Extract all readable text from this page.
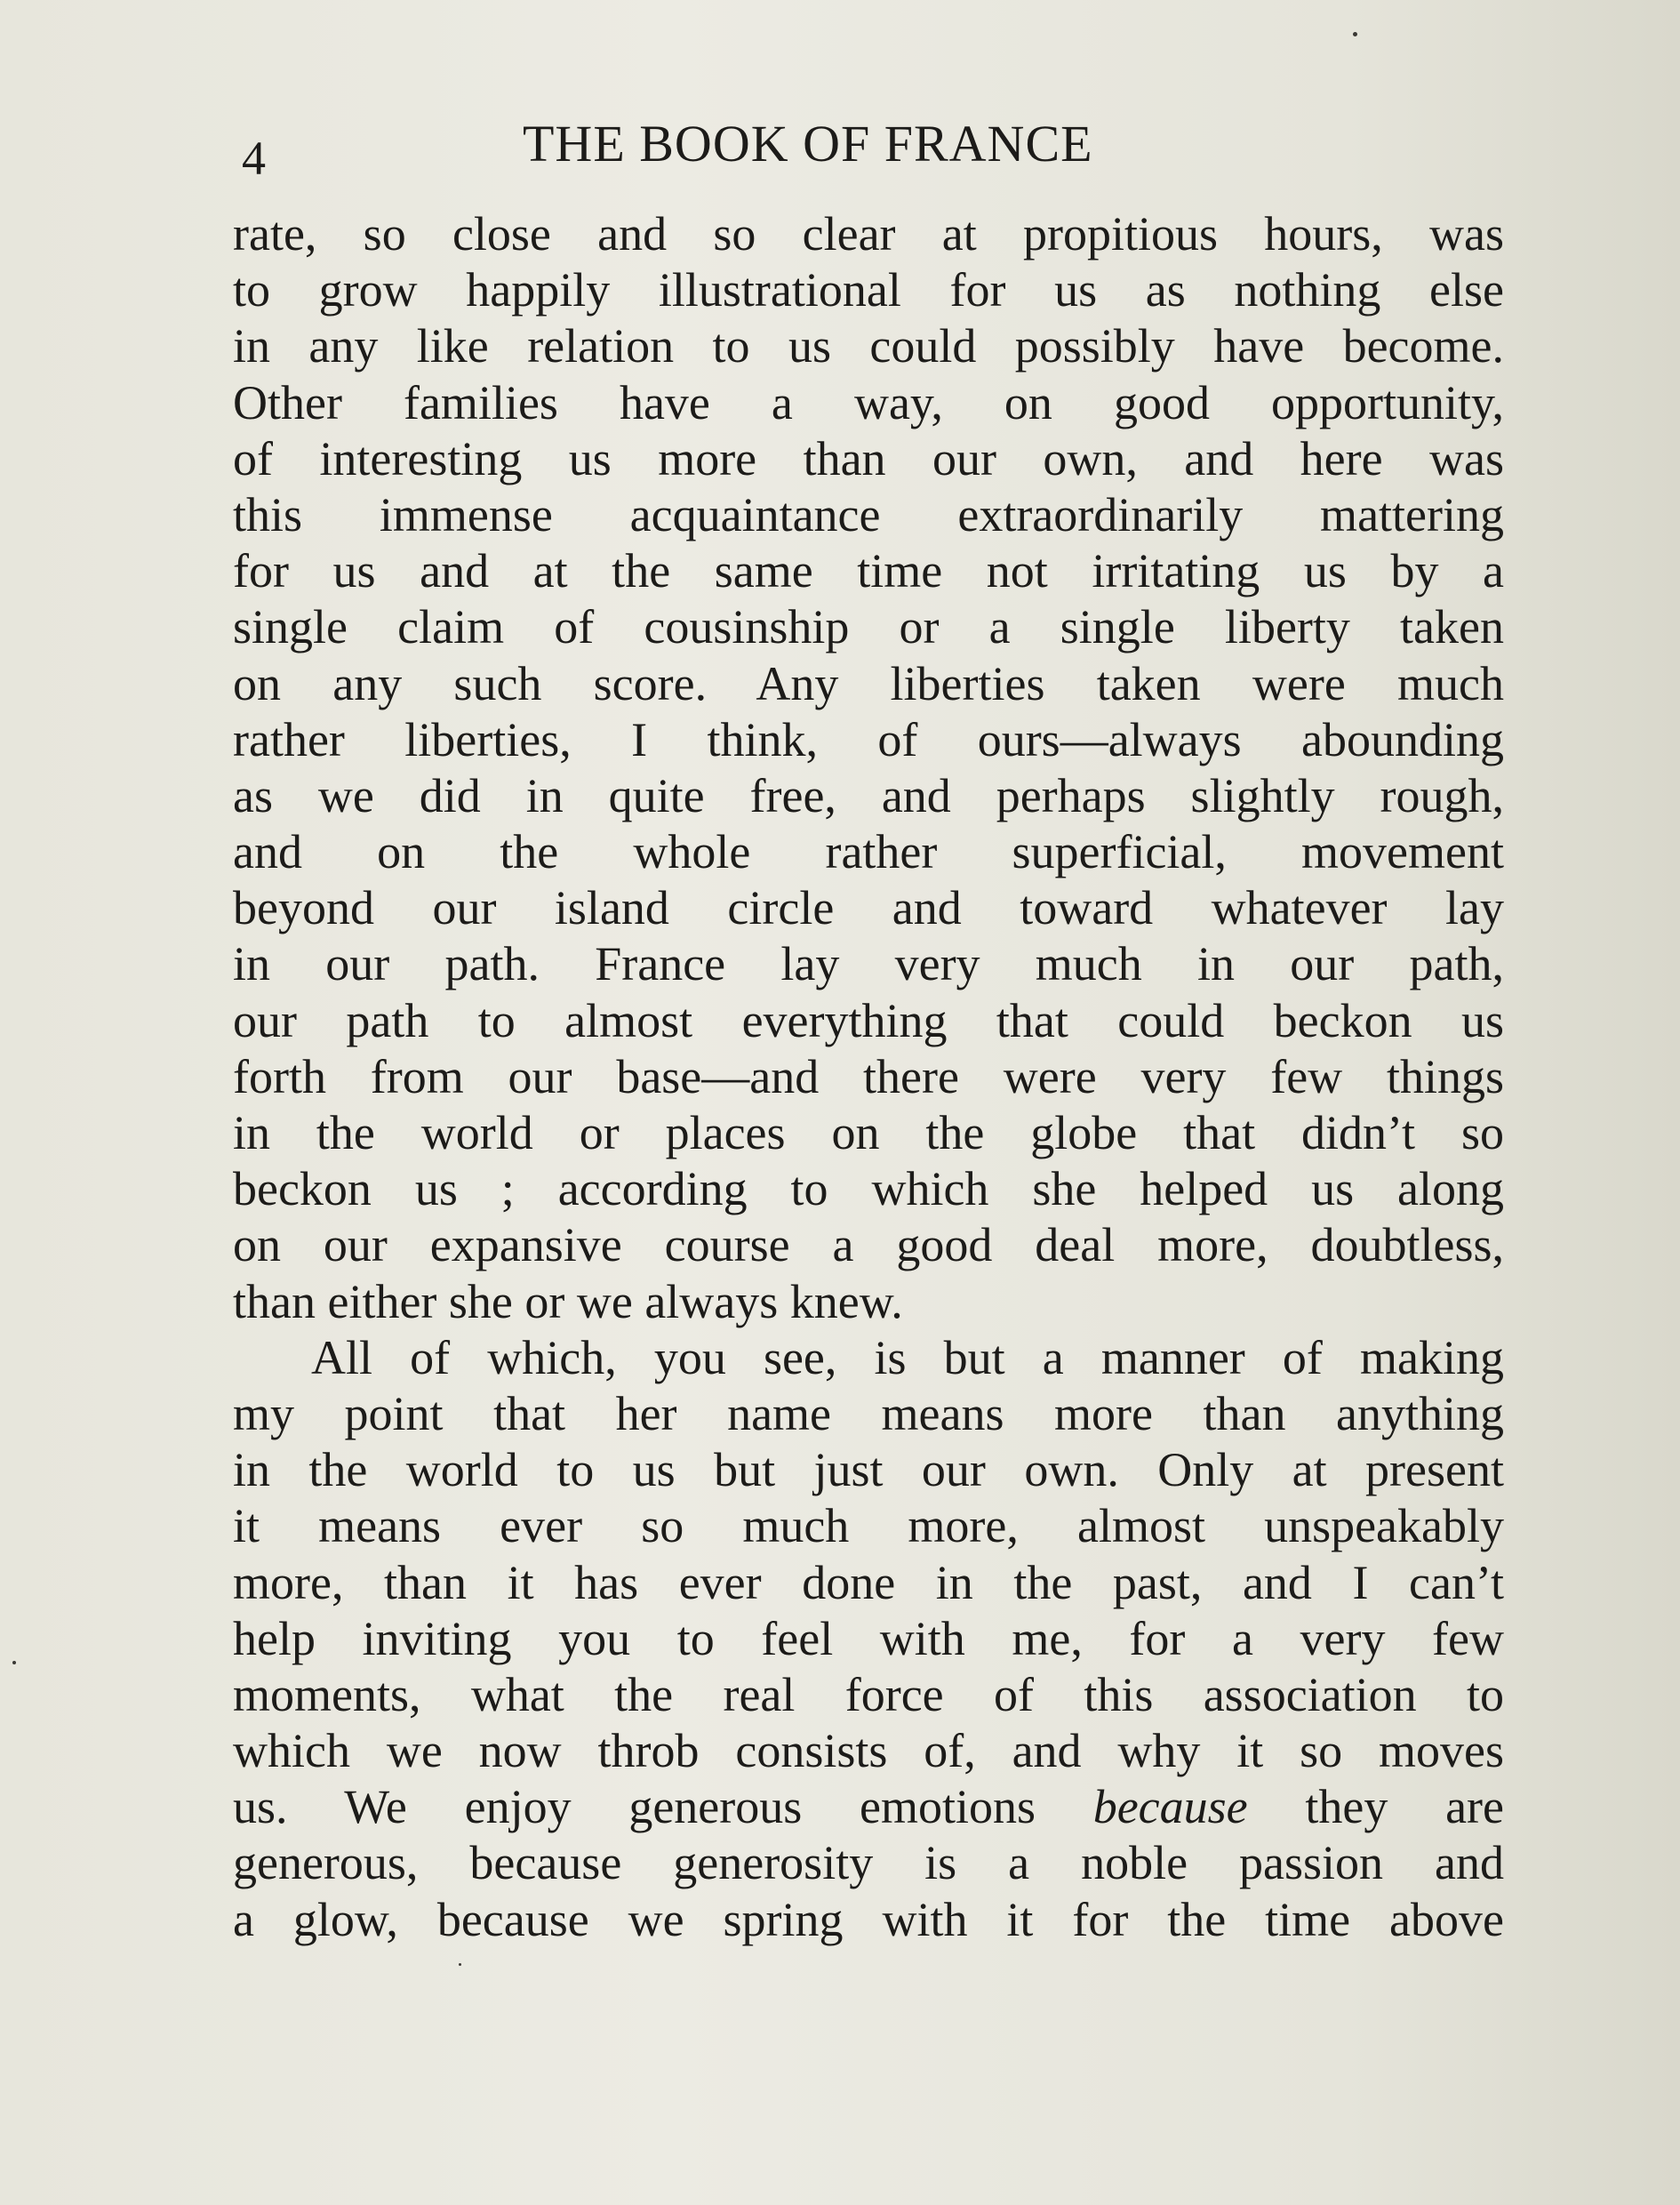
4	THE BOOK OF FRANCE
rate, so close and so clear at propitious hours, was
to grow happily illustrational for us as nothing else
in any like relation to us could possibly have become.
Other families have a way, on good opportunity,
of interesting us more than our own, and here was
this immense acquaintance extraordinarily mattering
for us and at the same time not irritating us by a
single claim of cousinship or a single liberty taken
on any such score. Any liberties taken were much
rather liberties, I think, of ours—always abounding
as we did in quite free, and perhaps slightly rough,
and on the whole rather superficial, movement
beyond our island circle and toward whatever lay
in our path. France lay very much in our path,
our path to almost everything that could beckon us
forth from our base—and there were very few things
in the world or places on the globe that didn’t so
beckon us ; according to which she helped us along
on our expansive course a good deal more, doubtless,
than either she or we always knew.
All of which, you see, is but a manner of making
my point that her name means more than anything
in the world to us but just our own. Only at present
it means ever so much more, almost unspeakably
more, than it has ever done in the past, and I can’t
help inviting you to feel with me, for a very few
moments, what the real force of this association to
which we now throb consists of, and why it so moves
us. We enjoy generous emotions because they are
generous, because generosity is a noble passion and
a glow, because we spring with it for the time above
